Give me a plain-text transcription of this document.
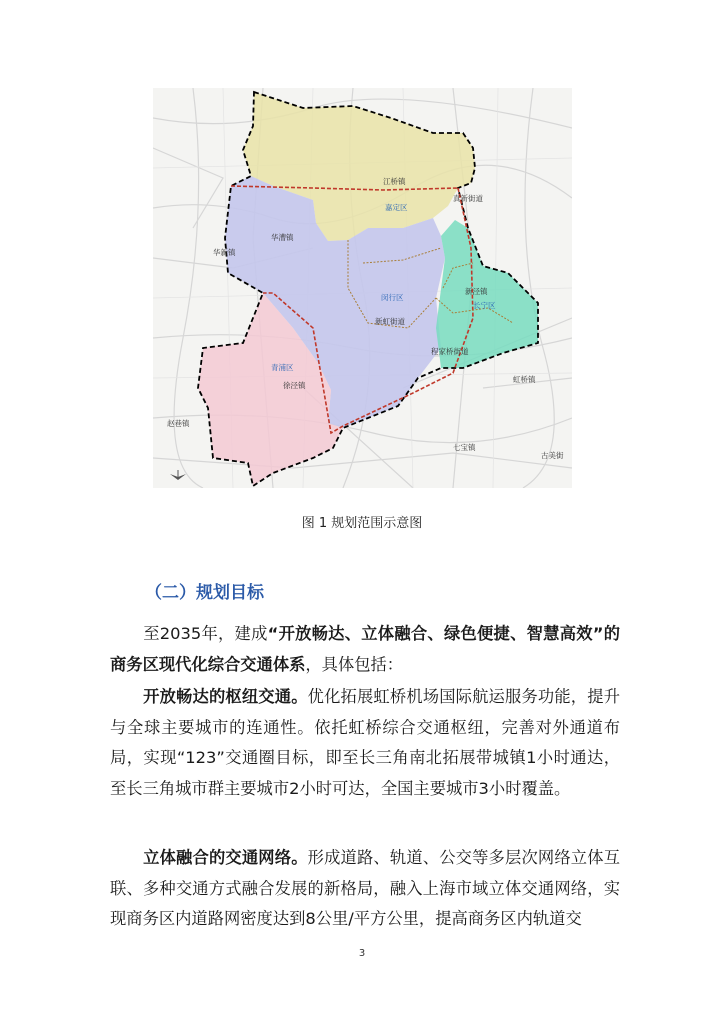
江桥镇
嘉定区
真新街道
华新镇
华漕镇
闵行区
新虹街道
新泾镇
长宁区
程家桥街道
青浦区
徐泾镇
赵巷镇
虹桥镇
七宝镇
古美街
图 1 规划范围示意图
（二）规划目标
至2035年，建成“开放畅达、立体融合、绿色便捷、智慧高效”的商务区现代化综合交通体系，具体包括：
开放畅达的枢纽交通。优化拓展虹桥机场国际航运服务功能，提升与全球主要城市的连通性。依托虹桥综合交通枢纽，完善对外通道布局，实现“123”交通圈目标，即至长三角南北拓展带城镇1小时通达，至长三角城市群主要城市2小时可达，全国主要城市3小时覆盖。
立体融合的交通网络。形成道路、轨道、公交等多层次网络立体互联、多种交通方式融合发展的新格局，融入上海市域立体交通网络，实现商务区内道路网密度达到8公里/平方公里，提高商务区内轨道交
3
